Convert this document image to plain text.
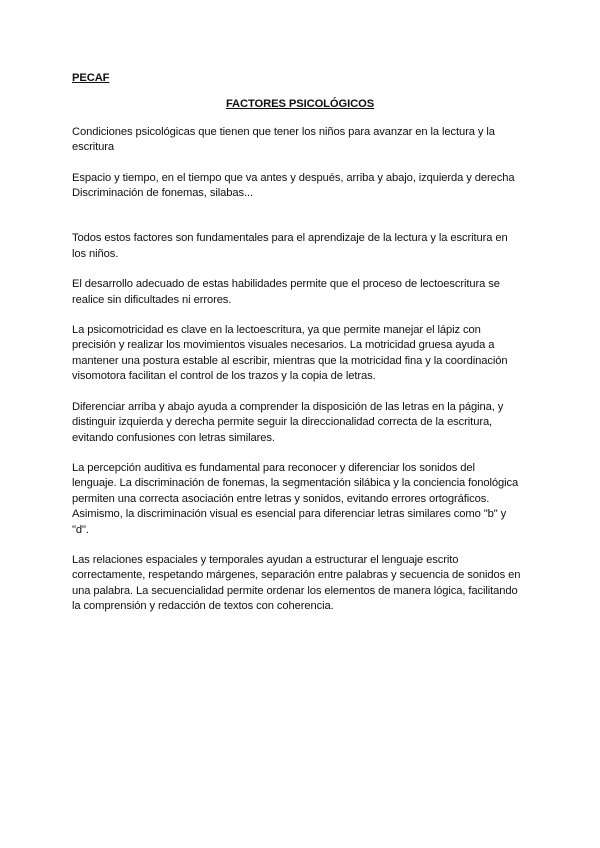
PECAF
FACTORES PSICOLÓGICOS
Condiciones psicológicas que tienen que tener los niños para avanzar en la lectura y la
escritura
Espacio y tiempo, en el tiempo que va antes y después, arriba y abajo, izquierda y derecha
Discriminación de fonemas, silabas...
Todos estos factores son fundamentales para el aprendizaje de la lectura y la escritura en
los niños.
El desarrollo adecuado de estas habilidades permite que el proceso de lectoescritura se
realice sin dificultades ni errores.
La psicomotricidad es clave en la lectoescritura, ya que permite manejar el lápiz con
precisión y realizar los movimientos visuales necesarios. La motricidad gruesa ayuda a
mantener una postura estable al escribir, mientras que la motricidad fina y la coordinación
visomotora facilitan el control de los trazos y la copia de letras.
Diferenciar arriba y abajo ayuda a comprender la disposición de las letras en la página, y
distinguir izquierda y derecha permite seguir la direccionalidad correcta de la escritura,
evitando confusiones con letras similares.
La percepción auditiva es fundamental para reconocer y diferenciar los sonidos del
lenguaje. La discriminación de fonemas, la segmentación silábica y la conciencia fonológica
permiten una correcta asociación entre letras y sonidos, evitando errores ortográficos.
Asimismo, la discriminación visual es esencial para diferenciar letras similares como "b" y
"d".
Las relaciones espaciales y temporales ayudan a estructurar el lenguaje escrito
correctamente, respetando márgenes, separación entre palabras y secuencia de sonidos en
una palabra. La secuencialidad permite ordenar los elementos de manera lógica, facilitando
la comprensión y redacción de textos con coherencia.
